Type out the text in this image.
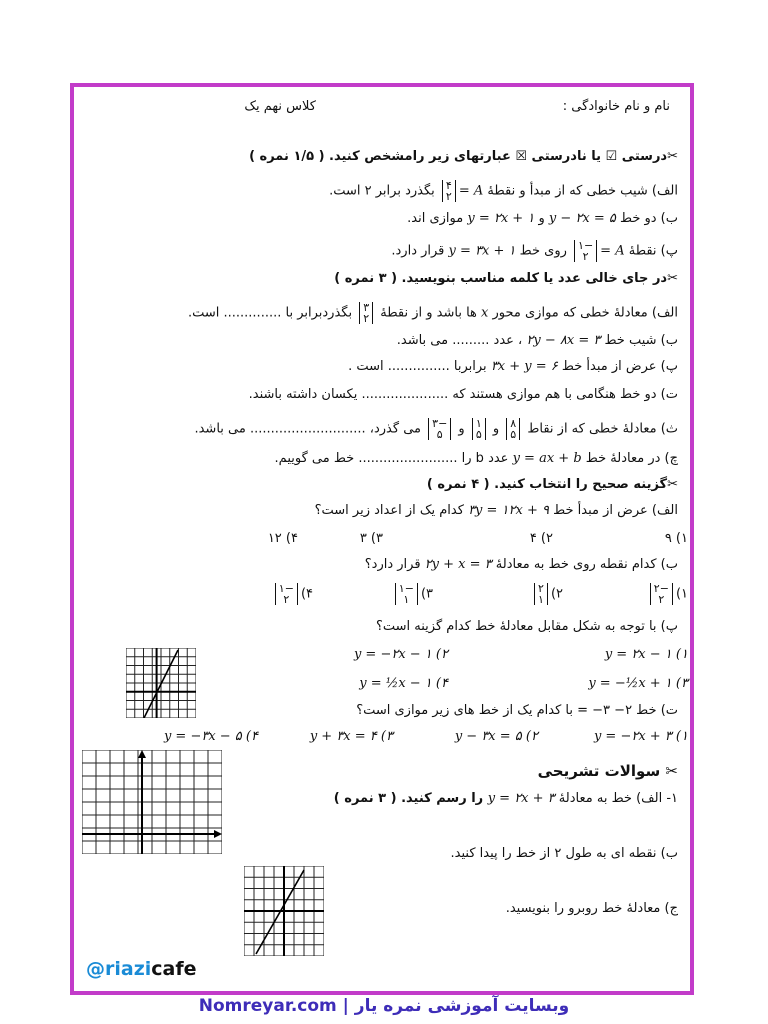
نام و نام خانوادگی :
کلاس نهم یک
✂درستی ☑ یا نادرستی ☒ عبارتهای زیر رامشخص کنید. ( ۱/۵ نمره )
الف) شیب خطی که از مبدأ و نقطهٔ A =۴
۲ بگذرد برابر ۲ است.
ب) دو خط y − ۲x = ۵ و y = ۲x + ۱ موازی اند.
پ) نقطهٔ A =−۱
۲ روی خط y = ۳x + ۱ قرار دارد.
✂در جای خالی عدد یا کلمه مناسب بنویسید. ( ۳ نمره )
الف) معادلهٔ خطی که موازی محور x ها باشد و از نقطهٔ ۳
۲ بگذردبرابر با .............. است.
ب) شیب خط ۲y − ۸x = ۳ ، عدد ......... می باشد.
پ) عرض از مبدأ خط ۳x + y = ۶ برابربا ............... است .
ت) دو خط هنگامی با هم موازی هستند که ..................... یکسان داشته باشند.
ث) معادلهٔ خطی که از نقاط ۸
۵ و ۱
۵ و −۳
۵ می گذرد، ............................ می باشد.
چ) در معادلهٔ خط y = ax + b عدد b را ........................ خط می گوییم.
✂گزینه صحیح را انتخاب کنید. ( ۴ نمره )
الف) عرض از مبدأ خط ۳y = ۱۲x + ۹ کدام یک از اعداد زیر است؟
۱) ۹
۲) ۴
۳) ۳
۴) ۱۲
ب) کدام نقطه روی خط به معادلهٔ ۲y + x = ۳ قرار دارد؟
۱)−۲
۲
۲)۲
۱
۳)−۱
۱
۴)−۱
۲
پ) با توجه به شکل مقابل معادلهٔ خط کدام گزینه است؟
۱) y = ۲x − ۱
۲) y = −۲x − ۱
۳) y = −½x + ۱
۴) y = ½x − ۱
ت) خط ۲− ۳− = با کدام یک از خط های زیر موازی است؟
۱) y = −۲x + ۳
۲) y − ۳x = ۵
۳) y + ۳x = ۴
۴) y = −۳x − ۵
✂ سوالات تشریحی
۱- الف) خط به معادلهٔ y = ۲x + ۳ را رسم کنید. ( ۳ نمره )
ب) نقطه ای به طول ۲ از خط را پیدا کنید.
ج) معادلهٔ خط روبرو را بنویسید.
@riazicafe
وبسایت آموزشی نمره یار | Nomreyar.com
